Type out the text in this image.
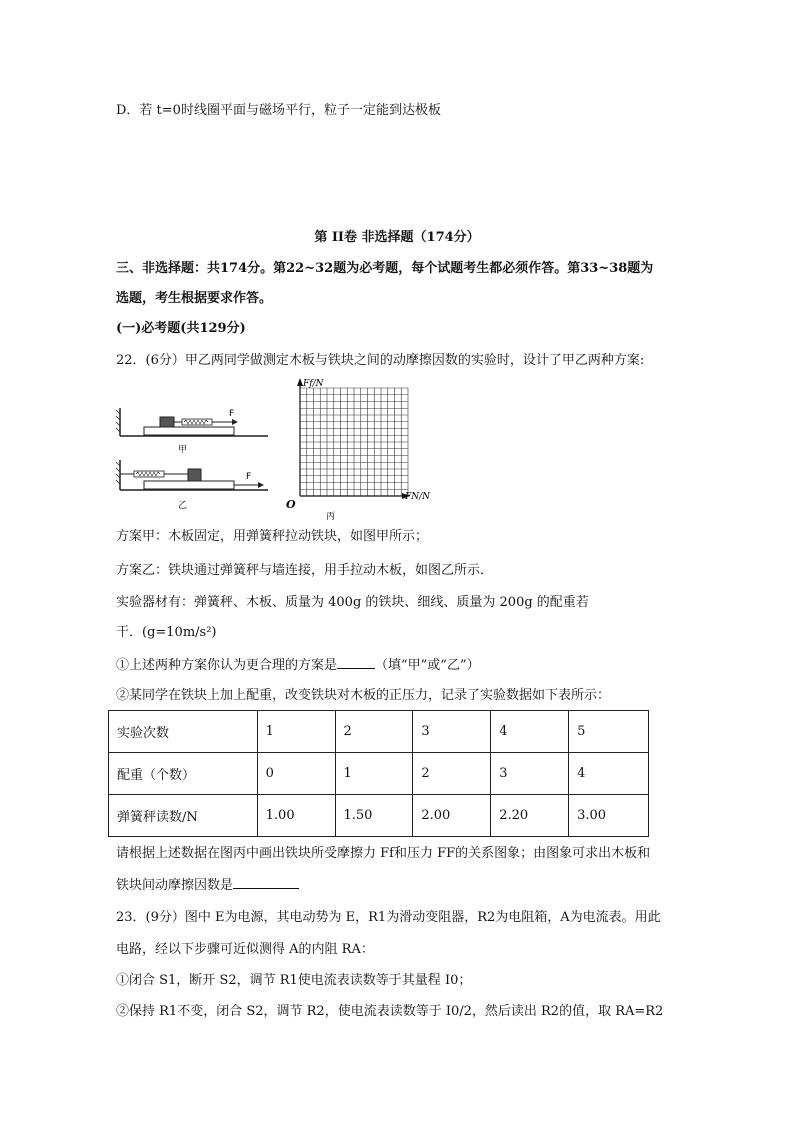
D．若 t=0时线圈平面与磁场平行，粒子一定能到达极板
第 II卷 非选择题（174分）
三、非选择题：共174分。第22~32题为必考题，每个试题考生都必须作答。第33~38题为
选题，考生根据要求作答。
(一)必考题(共129分)
22．(6分）甲乙两同学做测定木板与铁块之间的动摩擦因数的实验时，设计了甲乙两种方案:
F
甲
F
乙
Ff/N
FN/N
O
丙
方案甲：木板固定，用弹簧秤拉动铁块，如图甲所示；
方案乙：铁块通过弹簧秤与墙连接，用手拉动木板，如图乙所示．
实验器材有：弹簧秤、木板、质量为 400g 的铁块、细线、质量为 200g 的配重若
干．(g=10m/s²)
①上述两种方案你认为更合理的方案是	（填“甲”或“乙”）
②某同学在铁块上加上配重，改变铁块对木板的正压力，记录了实验数据如下表所示：
实验次数	1	2	3	4	5
配重（个数）	0	1	2	3	4
弹簧秤读数/N	1.00	1.50	2.00	2.20	3.00
请根据上述数据在图丙中画出铁块所受摩擦力 Ff和压力 FF的关系图象；由图象可求出木板和
铁块间动摩擦因数是
23．(9分）图中 E为电源，其电动势为 E，R1为滑动变阻器，R2为电阻箱，A为电流表。用此
电路，经以下步骤可近似测得 A的内阻 RA：
①闭合 S1，断开 S2，调节 R1使电流表读数等于其量程 I0；
②保持 R1不变，闭合 S2，调节 R2，使电流表读数等于 I0/2，然后读出 R2的值，取 RA=R2
